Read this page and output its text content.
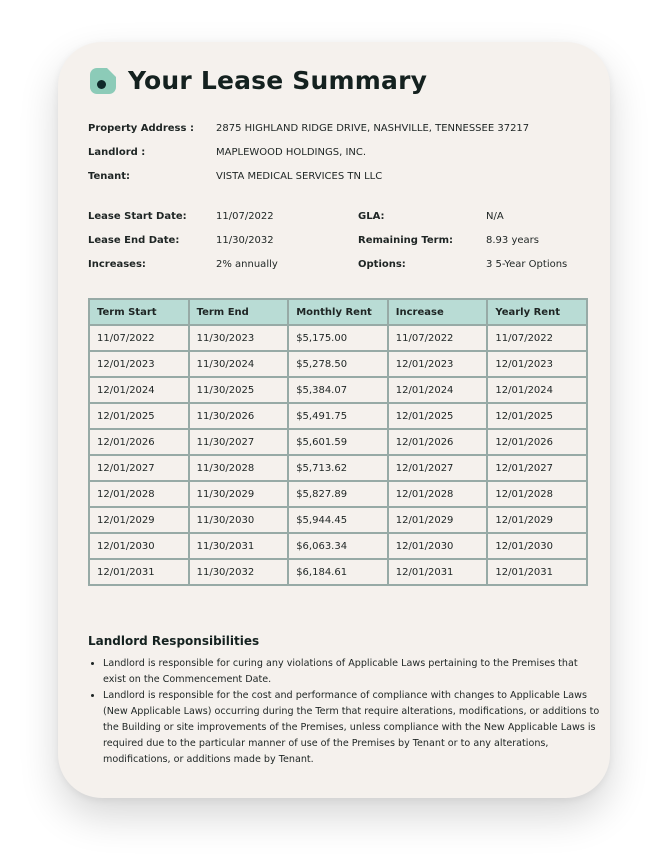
Your Lease Summary
Property Address :	2875 HIGHLAND RIDGE DRIVE, NASHVILLE, TENNESSEE 37217
Landlord :	MAPLEWOOD HOLDINGS, INC.
Tenant:	VISTA MEDICAL SERVICES TN LLC
Lease Start Date:	11/07/2022
Lease End Date:	11/30/2032
Increases:	2% annually
GLA:	N/A
Remaining Term:	8.93 years
Options:	3 5-Year Options
Term Start	Term End	Monthly Rent	Increase	Yearly Rent
11/07/2022	11/30/2023	$5,175.00	11/07/2022	11/07/2022
12/01/2023	11/30/2024	$5,278.50	12/01/2023	12/01/2023
12/01/2024	11/30/2025	$5,384.07	12/01/2024	12/01/2024
12/01/2025	11/30/2026	$5,491.75	12/01/2025	12/01/2025
12/01/2026	11/30/2027	$5,601.59	12/01/2026	12/01/2026
12/01/2027	11/30/2028	$5,713.62	12/01/2027	12/01/2027
12/01/2028	11/30/2029	$5,827.89	12/01/2028	12/01/2028
12/01/2029	11/30/2030	$5,944.45	12/01/2029	12/01/2029
12/01/2030	11/30/2031	$6,063.34	12/01/2030	12/01/2030
12/01/2031	11/30/2032	$6,184.61	12/01/2031	12/01/2031
Landlord Responsibilities
• Landlord is responsible for curing any violations of Applicable Laws pertaining to the Premises that exist on the Commencement Date.
• Landlord is responsible for the cost and performance of compliance with changes to Applicable Laws (New Applicable Laws) occurring during the Term that require alterations, modifications, or additions to the Building or site improvements of the Premises, unless compliance with the New Applicable Laws is required due to the particular manner of use of the Premises by Tenant or to any alterations, modifications, or additions made by Tenant.
